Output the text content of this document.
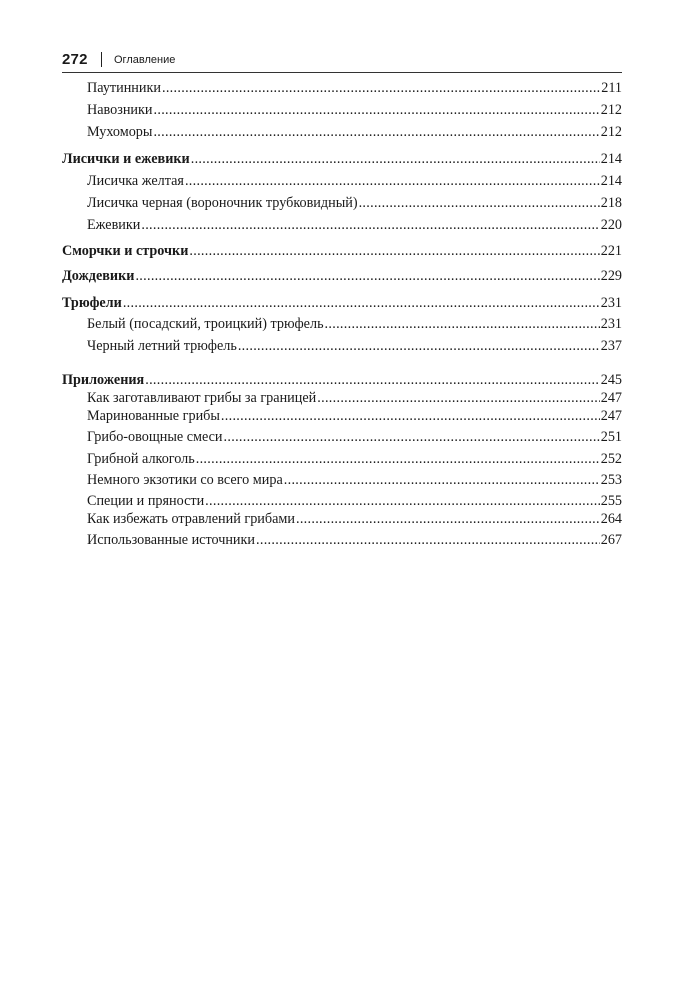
272 Оглавление
Паутинники .....	211
Навозники .....	212
Мухоморы .....	212
Лисички и ежевики .....	214
Лисичка желтая .....	214
Лисичка черная (вороночник трубковидный) .....	218
Ежевики .....	220
Сморчки и строчки .....	221
Дождевики .....	229
Трюфели .....	231
Белый (посадский, троицкий) трюфель .....	231
Черный летний трюфель .....	237
Приложения .....	245
Как заготавливают грибы за границей .....	247
Маринованные грибы .....	247
Грибо-овощные смеси .....	251
Грибной алкоголь .....	252
Немного экзотики со всего мира .....	253
Специи и пряности .....	255
Как избежать отравлений грибами .....	264
Использованные источники .....	267
